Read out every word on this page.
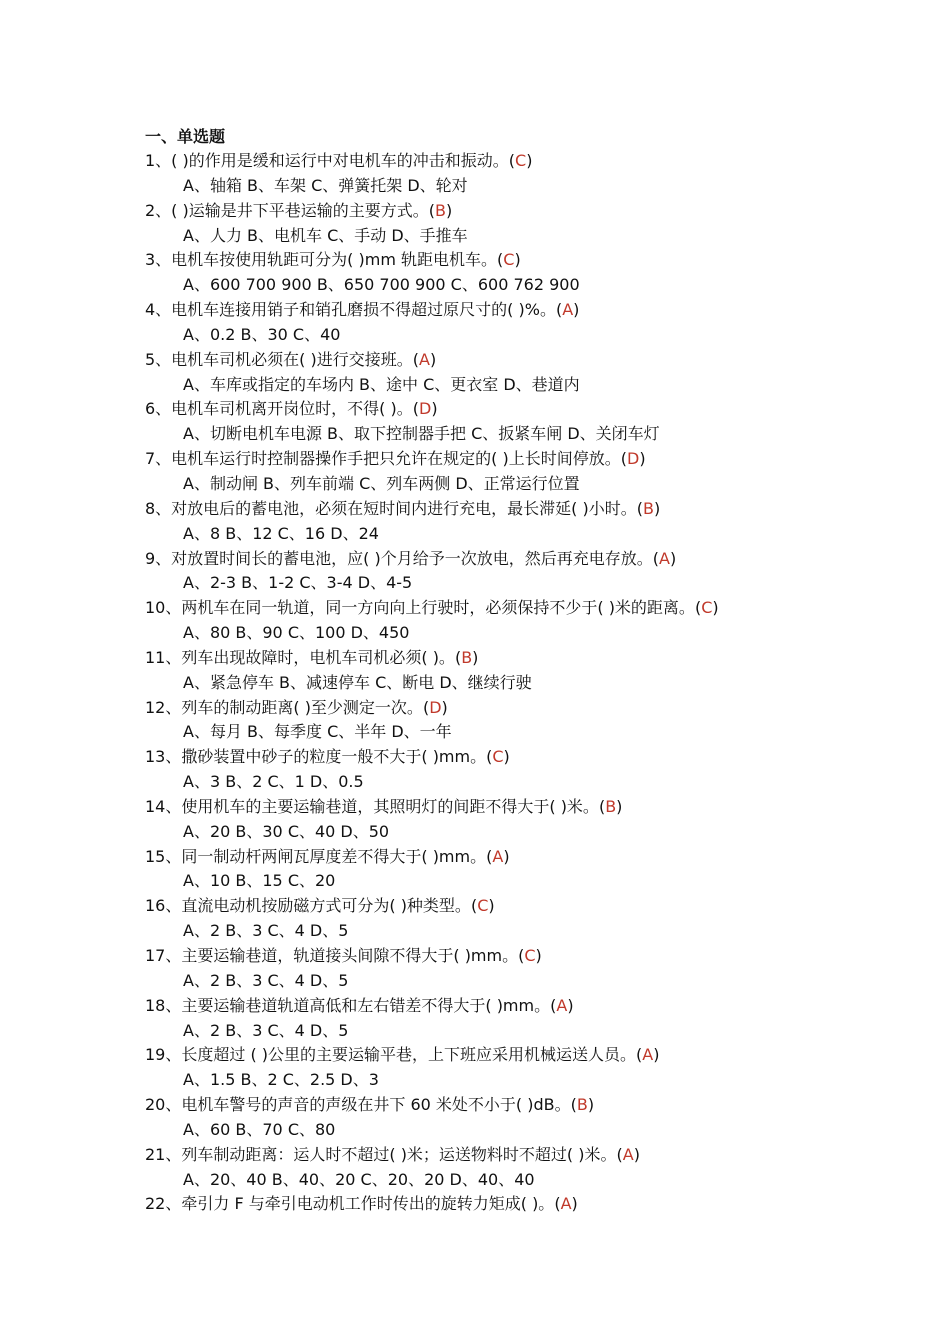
一、单选题
1、( )的作用是缓和运行中对电机车的冲击和振动。(C)
A、轴箱 B、车架 C、弹簧托架 D、轮对
2、( )运输是井下平巷运输的主要方式。(B)
A、人力 B、电机车 C、手动 D、手推车
3、电机车按使用轨距可分为( )mm 轨距电机车。(C)
A、600 700 900 B、650 700 900 C、600 762 900
4、电机车连接用销子和销孔磨损不得超过原尺寸的( )%。(A)
A、0.2 B、30 C、40
5、电机车司机必须在( )进行交接班。(A)
A、车库或指定的车场内 B、途中 C、更衣室 D、巷道内
6、电机车司机离开岗位时，不得( )。(D)
A、切断电机车电源 B、取下控制器手把 C、扳紧车闸 D、关闭车灯
7、电机车运行时控制器操作手把只允许在规定的( )上长时间停放。(D)
A、制动闸 B、列车前端 C、列车两侧 D、正常运行位置
8、对放电后的蓄电池，必须在短时间内进行充电，最长滞延( )小时。(B)
A、8 B、12 C、16 D、24
9、对放置时间长的蓄电池，应( )个月给予一次放电，然后再充电存放。(A)
A、2-3 B、1-2 C、3-4 D、4-5
10、两机车在同一轨道，同一方向向上行驶时，必须保持不少于( )米的距离。(C)
A、80 B、90 C、100 D、450
11、列车出现故障时，电机车司机必须( )。(B)
A、紧急停车 B、减速停车 C、断电 D、继续行驶
12、列车的制动距离( )至少测定一次。(D)
A、每月 B、每季度 C、半年 D、一年
13、撒砂装置中砂子的粒度一般不大于( )mm。(C)
A、3 B、2 C、1 D、0.5
14、使用机车的主要运输巷道，其照明灯的间距不得大于( )米。(B)
A、20 B、30 C、40 D、50
15、同一制动杆两闸瓦厚度差不得大于( )mm。(A)
A、10 B、15 C、20
16、直流电动机按励磁方式可分为( )种类型。(C)
A、2 B、3 C、4 D、5
17、主要运输巷道，轨道接头间隙不得大于( )mm。(C)
A、2 B、3 C、4 D、5
18、主要运输巷道轨道高低和左右错差不得大于( )mm。(A)
A、2 B、3 C、4 D、5
19、长度超过 ( )公里的主要运输平巷，上下班应采用机械运送人员。(A)
A、1.5 B、2 C、2.5 D、3
20、电机车警号的声音的声级在井下 60 米处不小于( )dB。(B)
A、60 B、70 C、80
21、列车制动距离：运人时不超过( )米；运送物料时不超过( )米。(A)
A、20、40 B、40、20 C、20、20 D、40、40
22、牵引力 F 与牵引电动机工作时传出的旋转力矩成( )。(A)
